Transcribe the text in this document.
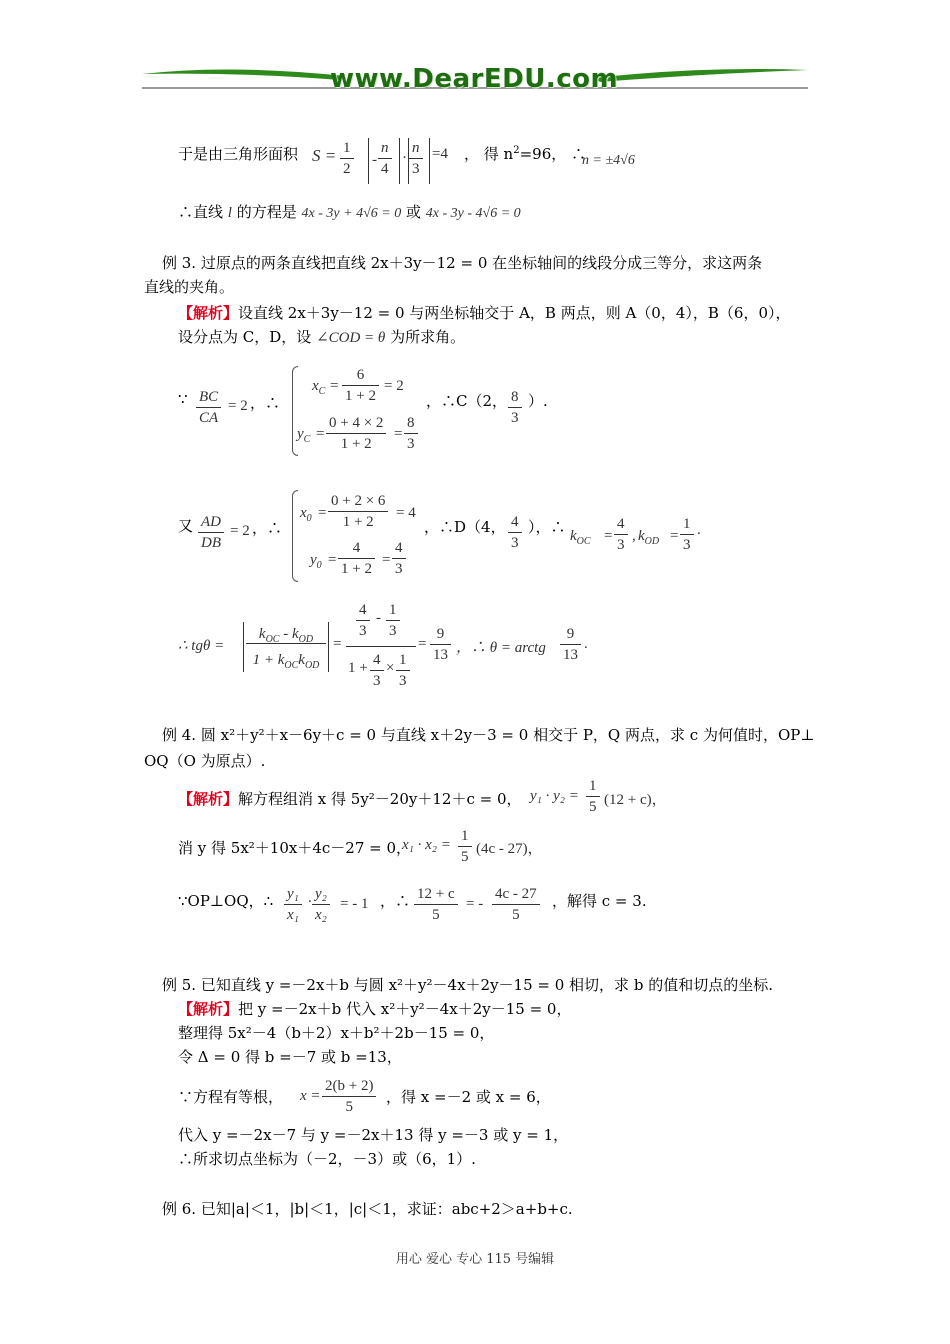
www.DearEDU.com
于是由三角形面积 $S = \frac{1}{2} - \frac{n}{4} \cdot \frac{n}{3} =4$ ， 得 $n^2=96$， ∴
n = ±4√6
∴直线 l 的方程是 4x - 3y + 4√6 = 0 或 4x - 3y - 4√6 = 0
例 3. 过原点的两条直线把直线 2x＋3y－12 = 0 在坐标轴间的线段分成三等分，求这两条
直线的夹角。
【解析】设直线 2x＋3y－12 = 0 与两坐标轴交于 A，B 两点，则 A（0，4），B（6，0），
设分点为 C，D，设 ∠COD = θ 为所求角。
∵ $\frac{BC}{CA} = 2$ ，∴
$x_C = \frac{6}{1 + 2} = 2$
$y_C = \frac{0 + 4 \times 2}{1 + 2} = \frac{8}{3}$
，∴C（2， $\frac{8}{3}$ ）.
又 $\frac{AD}{DB} = 2$ ，∴
$x_0 = \frac{0 + 2 \times 6}{1 + 2} = 4$
$y_0 = \frac{4}{1 + 2} = \frac{4}{3}$
，∴D（4， $\frac{4}{3}$ ），∴ $k_{OC} = \frac{4}{3}$ , $k_{OD} = \frac{1}{3}$ .
∴ tgθ =
$k_{OC} - k_{OD}$
$1 + k_{OC}k_{OD}$
=
$\frac{4}{3} - \frac{1}{3}$
$1 + \frac{4}{3} \times \frac{1}{3}$
= $\frac{9}{13}$ ，∴ θ = arctg $\frac{9}{13}$ .
例 4. 圆 x²＋y²＋x－6y＋c = 0 与直线 x＋2y－3 = 0 相交于 P，Q 两点，求 c 为何值时，OP⊥
OQ（O 为原点）.
【解析】解方程组消 x 得 5y²－20y＋12＋c = 0， $y_1 \cdot y_2 = \frac{1}{5} (12 + c)$，
消 y 得 5x²＋10x＋4c－27 = 0，
$x_1 \cdot x_2 = \frac{1}{5} (4c - 27)$，
∵OP⊥OQ，∴ $\frac{\text{y₁}}{\text{x₁}}$ . $\frac{\text{y₂}}{\text{x₂}}$ = - 1 ，∴ $\frac{12 + c}{5}$ = - $\frac{4c - 27}{5}$ ，解得 c = 3.
例 5. 已知直线 y =－2x＋b 与圆 x²＋y²－4x＋2y－15 = 0 相切，求 b 的值和切点的坐标.
【解析】把 y =－2x＋b 代入 x²＋y²－4x＋2y－15 = 0，
整理得 5x²－4（b＋2）x＋b²＋2b－15 = 0，
令 Δ = 0 得 b =－7 或 b =13，
∵方程有等根， $x = \frac{2(b + 2)}{5}$ ，得 x =－2 或 x = 6，
代入 y =－2x－7 与 y =－2x＋13 得 y =－3 或 y = 1，
∴所求切点坐标为（－2，－3）或（6，1）.
例 6. 已知|a|＜1，|b|＜1，|c|＜1，求证：abc+2＞a+b+c.
用心 爱心 专心 115 号编辑
